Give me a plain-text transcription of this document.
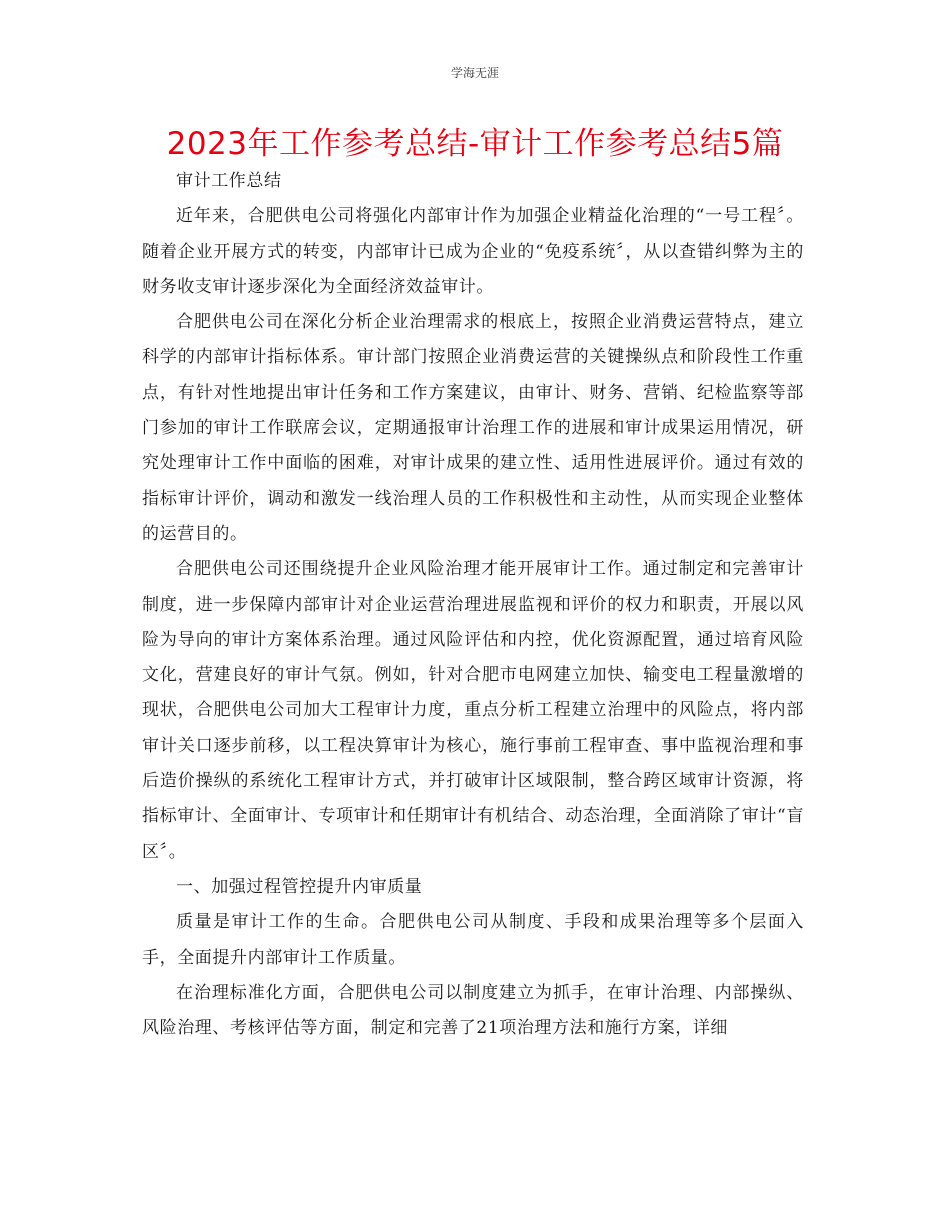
学海无涯
2023年工作参考总结-审计工作参考总结5篇

审计工作总结

近年来，合肥供电公司将强化内部审计作为加强企业精益化治理的“一号工程〞。随着企业开展方式的转变，内部审计已成为企业的“免疫系统〞，从以查错纠弊为主的财务收支审计逐步深化为全面经济效益审计。

合肥供电公司在深化分析企业治理需求的根底上，按照企业消费运营特点，建立科学的内部审计指标体系。审计部门按照企业消费运营的关键操纵点和阶段性工作重点，有针对性地提出审计任务和工作方案建议，由审计、财务、营销、纪检监察等部门参加的审计工作联席会议，定期通报审计治理工作的进展和审计成果运用情况，研究处理审计工作中面临的困难，对审计成果的建立性、适用性进展评价。通过有效的指标审计评价，调动和激发一线治理人员的工作积极性和主动性，从而实现企业整体的运营目的。

合肥供电公司还围绕提升企业风险治理才能开展审计工作。通过制定和完善审计制度，进一步保障内部审计对企业运营治理进展监视和评价的权力和职责，开展以风险为导向的审计方案体系治理。通过风险评估和内控，优化资源配置，通过培育风险文化，营建良好的审计气氛。例如，针对合肥市电网建立加快、输变电工程量激增的现状，合肥供电公司加大工程审计力度，重点分析工程建立治理中的风险点，将内部审计关口逐步前移，以工程决算审计为核心，施行事前工程审查、事中监视治理和事后造价操纵的系统化工程审计方式，并打破审计区域限制，整合跨区域审计资源，将指标审计、全面审计、专项审计和任期审计有机结合、动态治理，全面消除了审计“盲区〞。

一、加强过程管控提升内审质量

质量是审计工作的生命。合肥供电公司从制度、手段和成果治理等多个层面入手，全面提升内部审计工作质量。

在治理标准化方面，合肥供电公司以制度建立为抓手，在审计治理、内部操纵、风险治理、考核评估等方面，制定和完善了21项治理方法和施行方案，详细
